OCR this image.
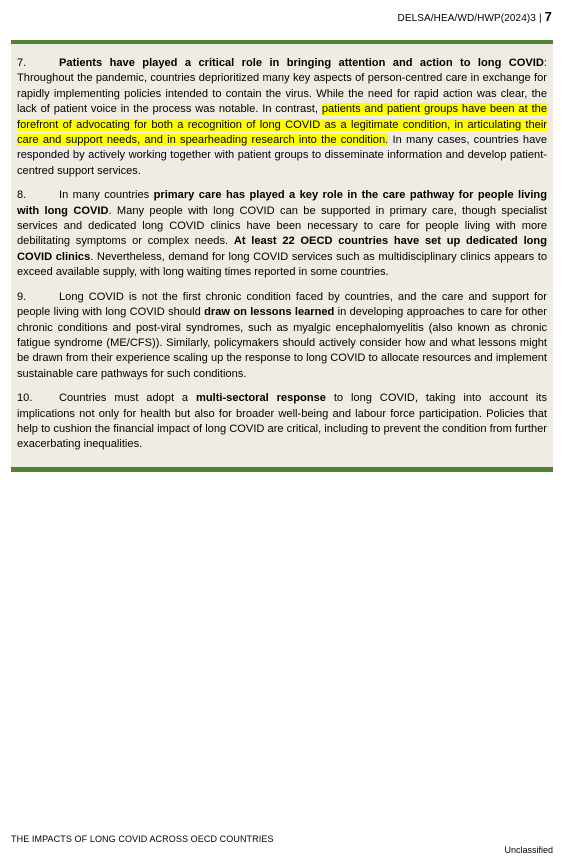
DELSA/HEA/WD/HWP(2024)3 | 7

7.	Patients have played a critical role in bringing attention and action to long COVID: Throughout the pandemic, countries deprioritized many key aspects of person-centred care in exchange for rapidly implementing policies intended to contain the virus. While the need for rapid action was clear, the lack of patient voice in the process was notable. In contrast, patients and patient groups have been at the forefront of advocating for both a recognition of long COVID as a legitimate condition, in articulating their care and support needs, and in spearheading research into the condition. In many cases, countries have responded by actively working together with patient groups to disseminate information and develop patient-centred support services.

8.	In many countries primary care has played a key role in the care pathway for people living with long COVID. Many people with long COVID can be supported in primary care, though specialist services and dedicated long COVID clinics have been necessary to care for people living with more debilitating symptoms or complex needs. At least 22 OECD countries have set up dedicated long COVID clinics. Nevertheless, demand for long COVID services such as multidisciplinary clinics appears to exceed available supply, with long waiting times reported in some countries.

9.	Long COVID is not the first chronic condition faced by countries, and the care and support for people living with long COVID should draw on lessons learned in developing approaches to care for other chronic conditions and post-viral syndromes, such as myalgic encephalomyelitis (also known as chronic fatigue syndrome (ME/CFS)). Similarly, policymakers should actively consider how and what lessons might be drawn from their experience scaling up the response to long COVID to allocate resources and implement sustainable care pathways for such conditions.

10. Countries must adopt a multi-sectoral response to long COVID, taking into account its implications not only for health but also for broader well-being and labour force participation. Policies that help to cushion the financial impact of long COVID are critical, including to prevent the condition from further exacerbating inequalities.

THE IMPACTS OF LONG COVID ACROSS OECD COUNTRIES
Unclassified
